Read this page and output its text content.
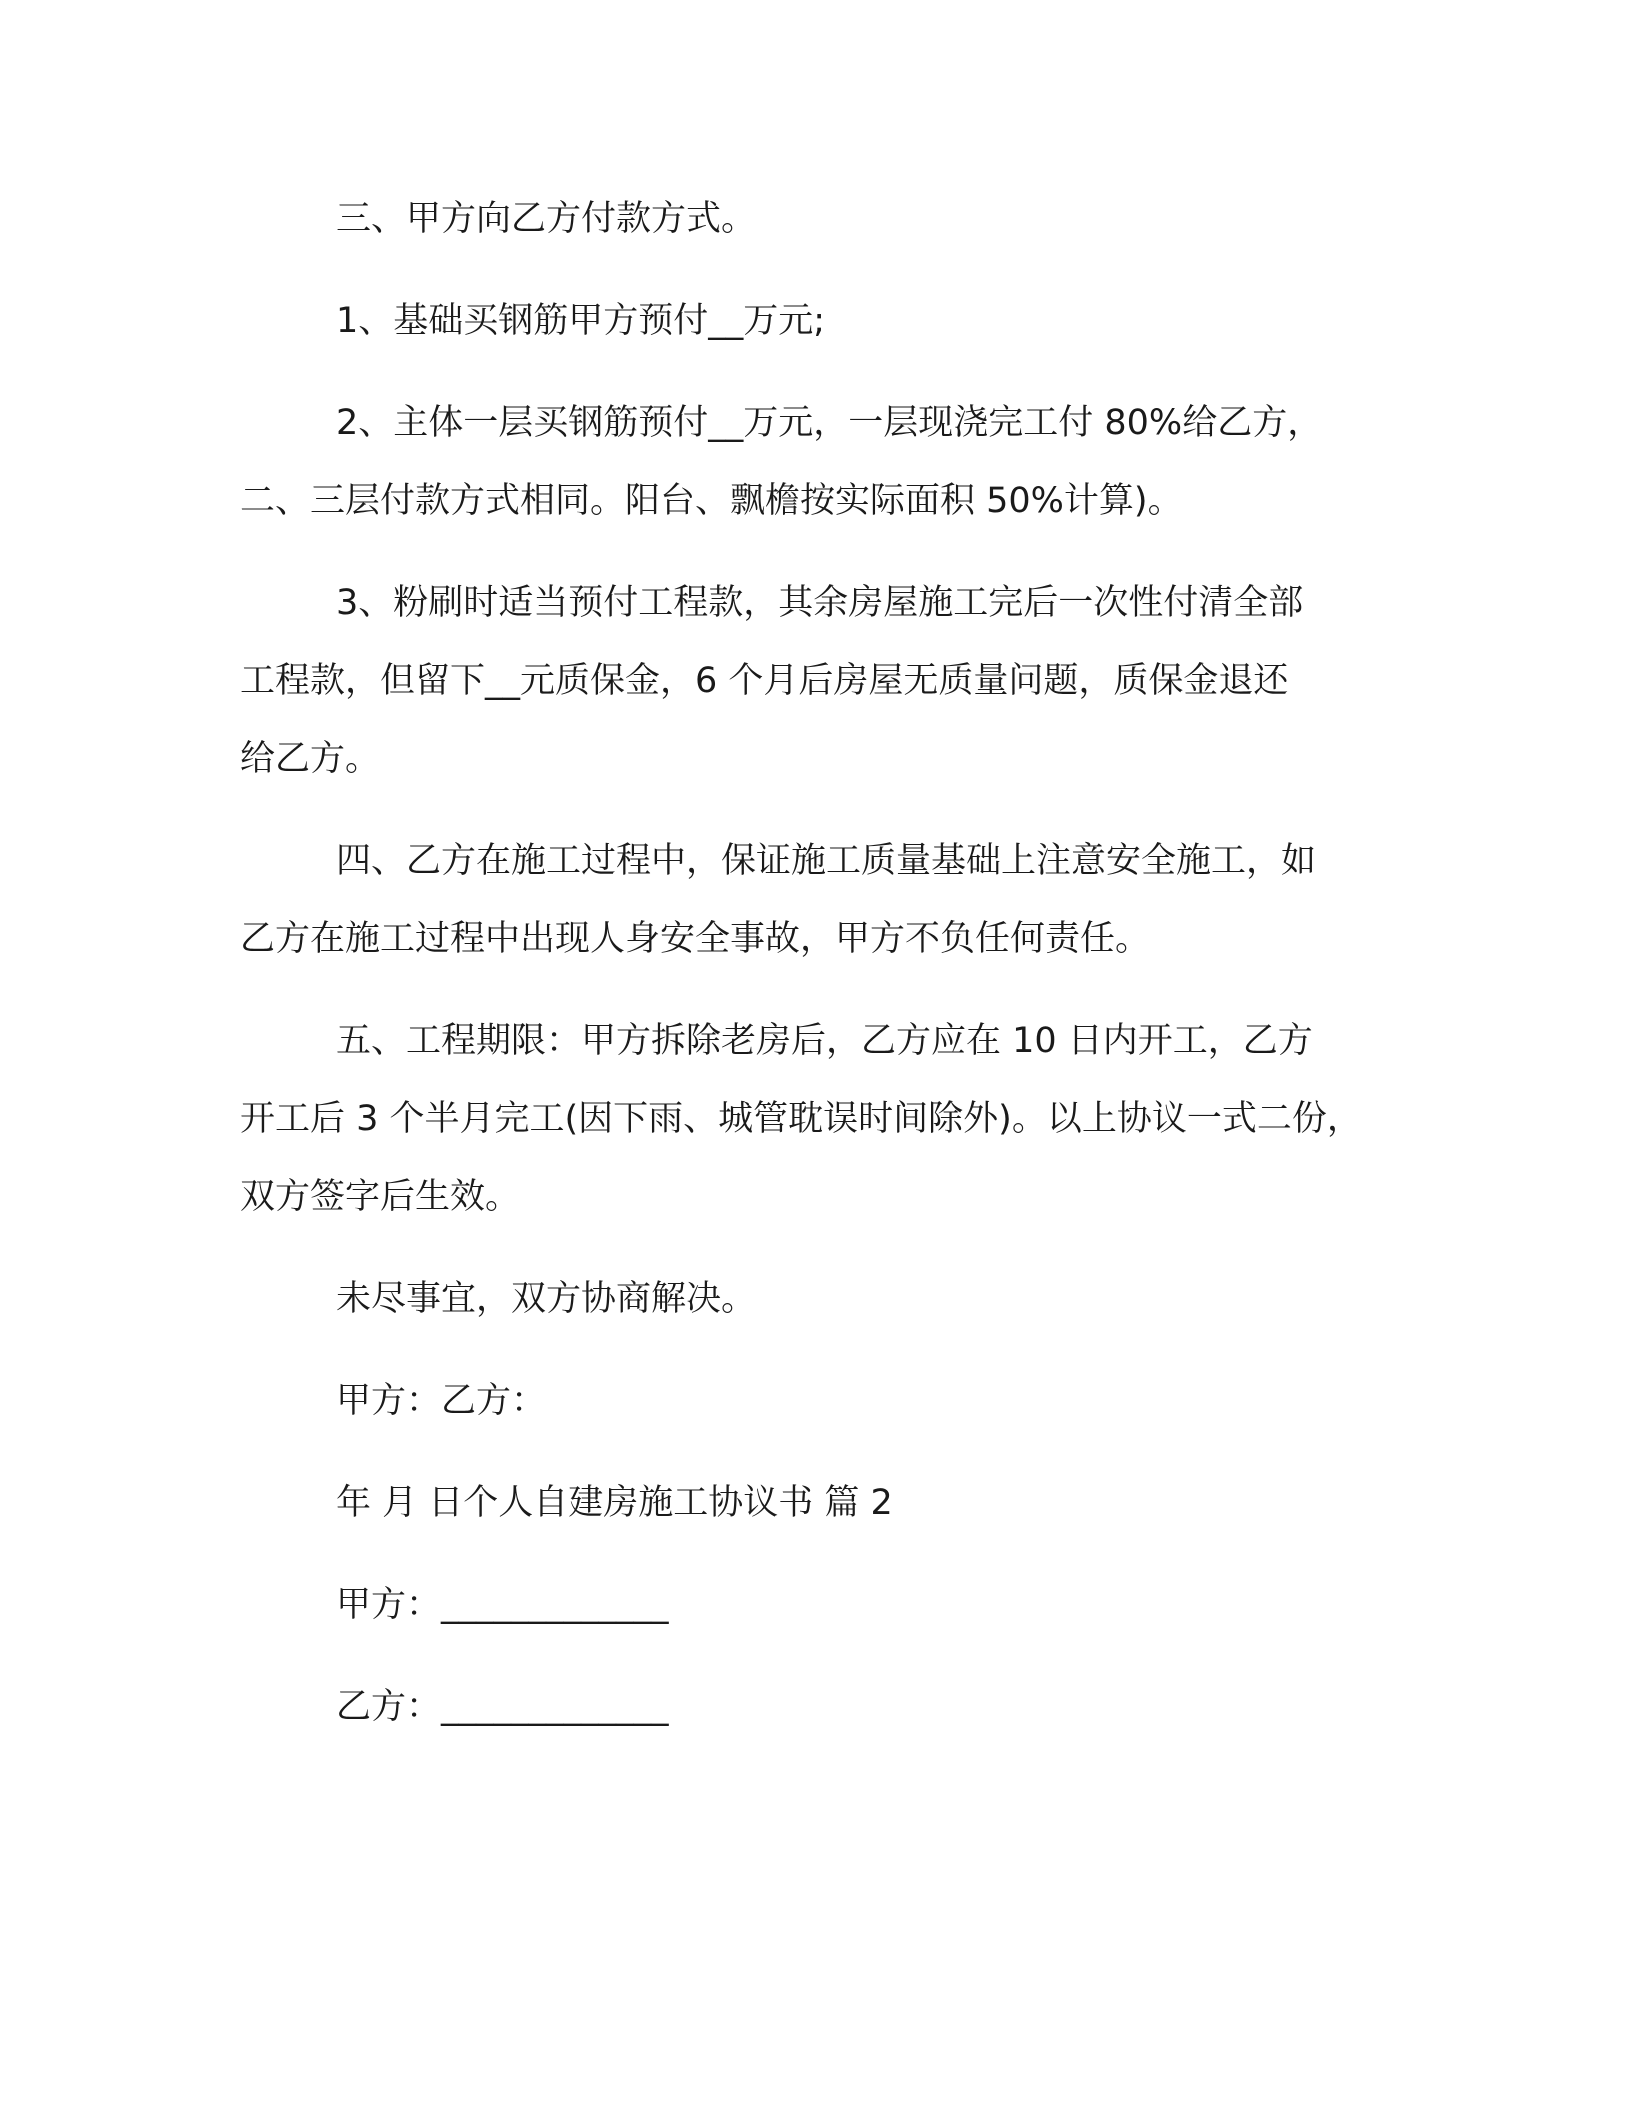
三、甲方向乙方付款方式。

1、基础买钢筋甲方预付__万元;

2、主体一层买钢筋预付__万元，一层现浇完工付 80%给乙方，
二、三层付款方式相同。阳台、飘檐按实际面积 50%计算)。

3、粉刷时适当预付工程款，其余房屋施工完后一次性付清全部
工程款，但留下__元质保金，6 个月后房屋无质量问题，质保金退还
给乙方。

四、乙方在施工过程中，保证施工质量基础上注意安全施工，如
乙方在施工过程中出现人身安全事故，甲方不负任何责任。

五、工程期限：甲方拆除老房后，乙方应在 10 日内开工，乙方
开工后 3 个半月完工(因下雨、城管耽误时间除外)。以上协议一式二份，
双方签字后生效。

未尽事宜，双方协商解决。

甲方：乙方：

年 月 日个人自建房施工协议书 篇 2

甲方：_____________

乙方：_____________
